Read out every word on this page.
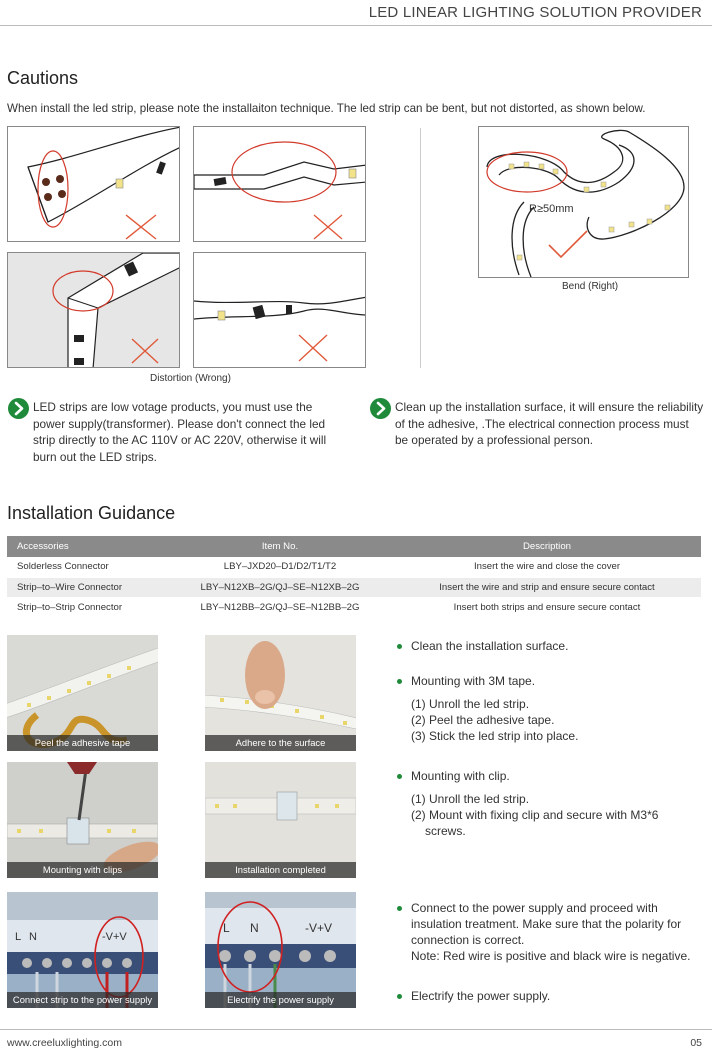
LED LINEAR LIGHTING SOLUTION PROVIDER
Cautions
When install the led strip, please note the installaiton technique. The led strip can be bent, but not distorted, as shown below.
R≥50mm
Distortion (Wrong)
Bend (Right)
LED strips are low votage products, you must use the power supply(transformer). Please don't connect the led strip directly to the AC 110V or AC 220V, otherwise it will burn out the LED strips.
Clean up the installation surface, it will ensure the reliability of the adhesive, .The electrical connection process must be operated by a professional person.
Installation Guidance
Accessories	Item No.	Description
Solderless Connector	LBY–JXD20–D1/D2/T1/T2	Insert the wire and close the cover
Strip–to–Wire Connector	LBY–N12XB–2G/QJ–SE–N12XB–2G	Insert the wire and strip and ensure secure contact
Strip–to–Strip Connector	LBY–N12BB–2G/QJ–SE–N12BB–2G	Insert both strips and ensure secure contact
Peel the adhesive tape	Adhere to the surface
Mounting with clips	Installation completed
L N	-V+V
Connect strip to the power supply
L N	-V+V
Electrify the power supply
Clean the installation surface.
Mounting with 3M tape.
(1) Unroll the led strip.
(2) Peel the adhesive tape.
(3) Stick the led strip into place.
Mounting with clip.
(1) Unroll the led strip.
(2) Mount with fixing clip and secure with M3*6
screws.
Connect to the power supply and proceed with
insulation treatment. Make sure that the polarity for
connection is correct.
Note: Red wire is positive and black wire is negative.
Electrify the power supply.
www.creeluxlighting.com	05
